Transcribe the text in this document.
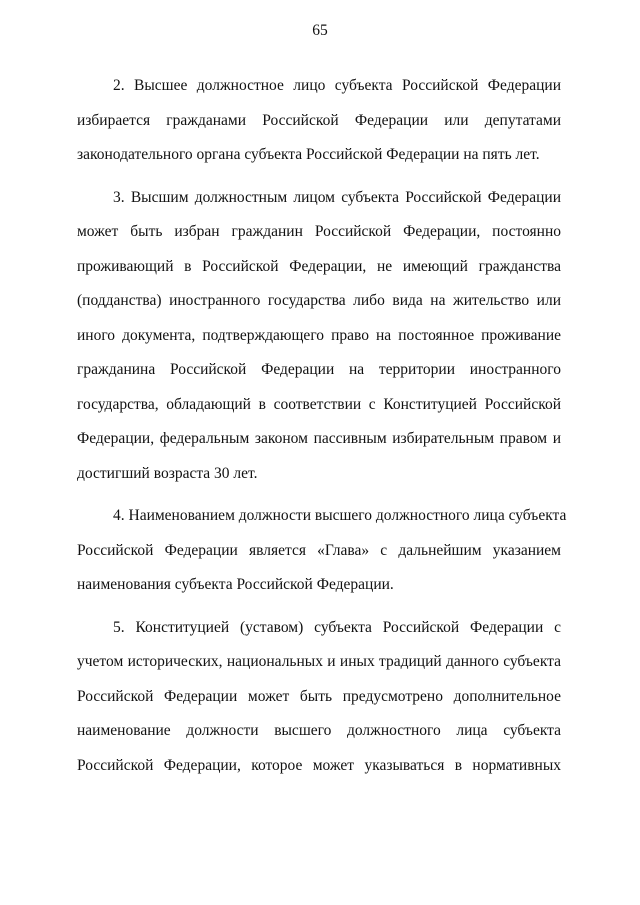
65
2. Высшее должностное лицо субъекта Российской Федерации
избирается гражданами Российской Федерации или депутатами
законодательного органа субъекта Российской Федерации на пять лет.
3. Высшим должностным лицом субъекта Российской Федерации
может быть избран гражданин Российской Федерации, постоянно
проживающий в Российской Федерации, не имеющий гражданства
(подданства) иностранного государства либо вида на жительство или
иного документа, подтверждающего право на постоянное проживание
гражданина Российской Федерации на территории иностранного
государства, обладающий в соответствии с Конституцией Российской
Федерации, федеральным законом пассивным избирательным правом и
достигший возраста 30 лет.
4. Наименованием должности высшего должностного лица субъекта
Российской Федерации является «Глава» с дальнейшим указанием
наименования субъекта Российской Федерации.
5. Конституцией (уставом) субъекта Российской Федерации с
учетом исторических, национальных и иных традиций данного субъекта
Российской Федерации может быть предусмотрено дополнительное
наименование должности высшего должностного лица субъекта
Российской Федерации, которое может указываться в нормативных
